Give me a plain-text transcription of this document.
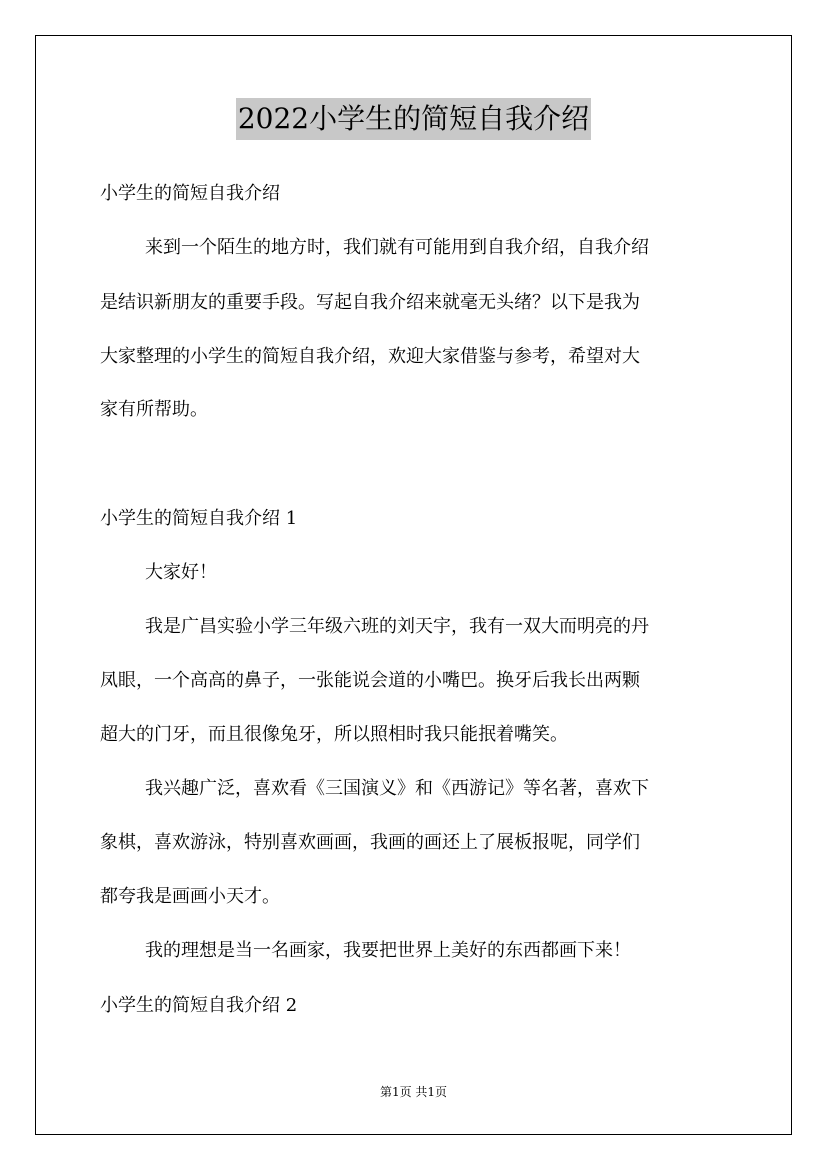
2022小学生的简短自我介绍
小学生的简短自我介绍
来到一个陌生的地方时，我们就有可能用到自我介绍，自我介绍
是结识新朋友的重要手段。写起自我介绍来就毫无头绪？以下是我为
大家整理的小学生的简短自我介绍，欢迎大家借鉴与参考，希望对大
家有所帮助。
小学生的简短自我介绍 1
大家好！
我是广昌实验小学三年级六班的刘天宇，我有一双大而明亮的丹
凤眼，一个高高的鼻子，一张能说会道的小嘴巴。换牙后我长出两颗
超大的门牙，而且很像兔牙，所以照相时我只能抿着嘴笑。
我兴趣广泛，喜欢看《三国演义》和《西游记》等名著，喜欢下
象棋，喜欢游泳，特别喜欢画画，我画的画还上了展板报呢，同学们
都夸我是画画小天才。
我的理想是当一名画家，我要把世界上美好的东西都画下来！
小学生的简短自我介绍 2
第1页 共1页
